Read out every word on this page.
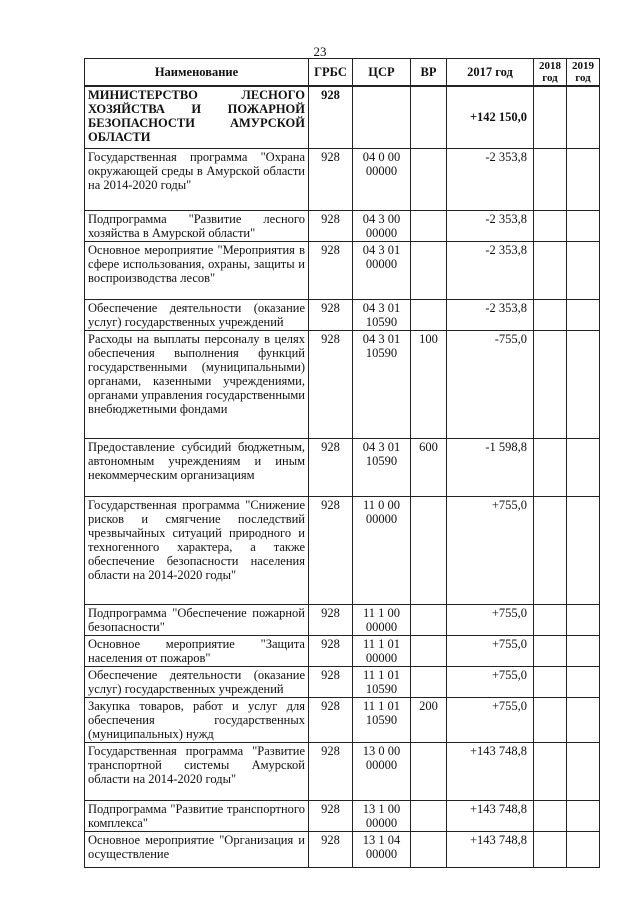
23
Наименование	ГРБС	ЦСР	ВР	2017 год	2018 год	2019 год
МИНИСТЕРСТВО ЛЕСНОГО ХОЗЯЙСТВА И ПОЖАРНОЙ БЕЗОПАСНОСТИ АМУРСКОЙ ОБЛАСТИ	928			+142 150,0		
Государственная программа "Охрана окружающей среды в Амурской области на 2014-2020 годы"	928	04 0 00 00000		-2 353,8		
Подпрограмма "Развитие лесного хозяйства в Амурской области"	928	04 3 00 00000		-2 353,8		
Основное мероприятие "Мероприятия в сфере использования, охраны, защиты и воспроизводства лесов"	928	04 3 01 00000		-2 353,8		
Обеспечение деятельности (оказание услуг) государственных учреждений	928	04 3 01 10590		-2 353,8		
Расходы на выплаты персоналу в целях обеспечения выполнения функций государственными (муниципальными) органами, казенными учреждениями, органами управления государственными внебюджетными фондами	928	04 3 01 10590	100	-755,0		
Предоставление субсидий бюджетным, автономным учреждениям и иным некоммерческим организациям	928	04 3 01 10590	600	-1 598,8		
Государственная программа "Снижение рисков и смягчение последствий чрезвычайных ситуаций природного и техногенного характера, а также обеспечение безопасности населения области на 2014-2020 годы"	928	11 0 00 00000		+755,0		
Подпрограмма "Обеспечение пожарной безопасности"	928	11 1 00 00000		+755,0		
Основное мероприятие "Защита населения от пожаров"	928	11 1 01 00000		+755,0		
Обеспечение деятельности (оказание услуг) государственных учреждений	928	11 1 01 10590		+755,0		
Закупка товаров, работ и услуг для обеспечения государственных (муниципальных) нужд	928	11 1 01 10590	200	+755,0		
Государственная программа "Развитие транспортной системы Амурской области на 2014-2020 годы"	928	13 0 00 00000		+143 748,8		
Подпрограмма "Развитие транспортного комплекса"	928	13 1 00 00000		+143 748,8		
Основное мероприятие "Организация и осуществление	928	13 1 04 00000		+143 748,8		
